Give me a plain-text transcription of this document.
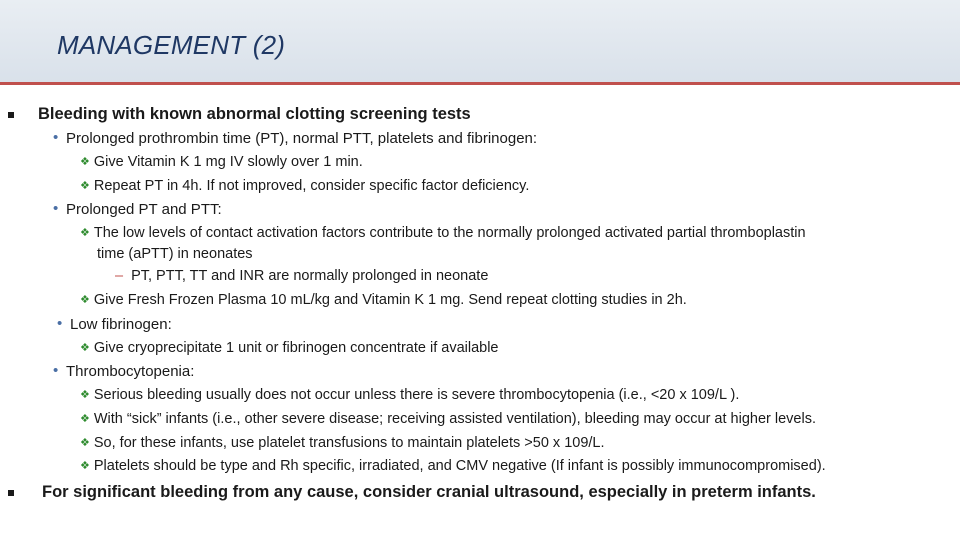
MANAGEMENT (2)
Bleeding with known abnormal clotting screening tests
• Prolonged prothrombin time (PT), normal PTT, platelets and fibrinogen:
❖ Give Vitamin K 1 mg IV slowly over 1 min.
❖ Repeat PT in 4h. If not improved, consider specific factor deficiency.
• Prolonged PT and PTT:
❖ The low levels of contact activation factors contribute to the normally prolonged activated partial thromboplastin
time (aPTT) in neonates
– PT, PTT, TT and INR are normally prolonged in neonate
❖ Give Fresh Frozen Plasma 10 mL/kg and Vitamin K 1 mg. Send repeat clotting studies in 2h.
• Low fibrinogen:
❖ Give cryoprecipitate 1 unit or fibrinogen concentrate if available
• Thrombocytopenia:
❖ Serious bleeding usually does not occur unless there is severe thrombocytopenia (i.e., <20 x 109/L ).
❖ With “sick” infants (i.e., other severe disease; receiving assisted ventilation), bleeding may occur at higher levels.
❖ So, for these infants, use platelet transfusions to maintain platelets >50 x 109/L.
❖ Platelets should be type and Rh specific, irradiated, and CMV negative (If infant is possibly immunocompromised).
For significant bleeding from any cause, consider cranial ultrasound, especially in preterm infants.
